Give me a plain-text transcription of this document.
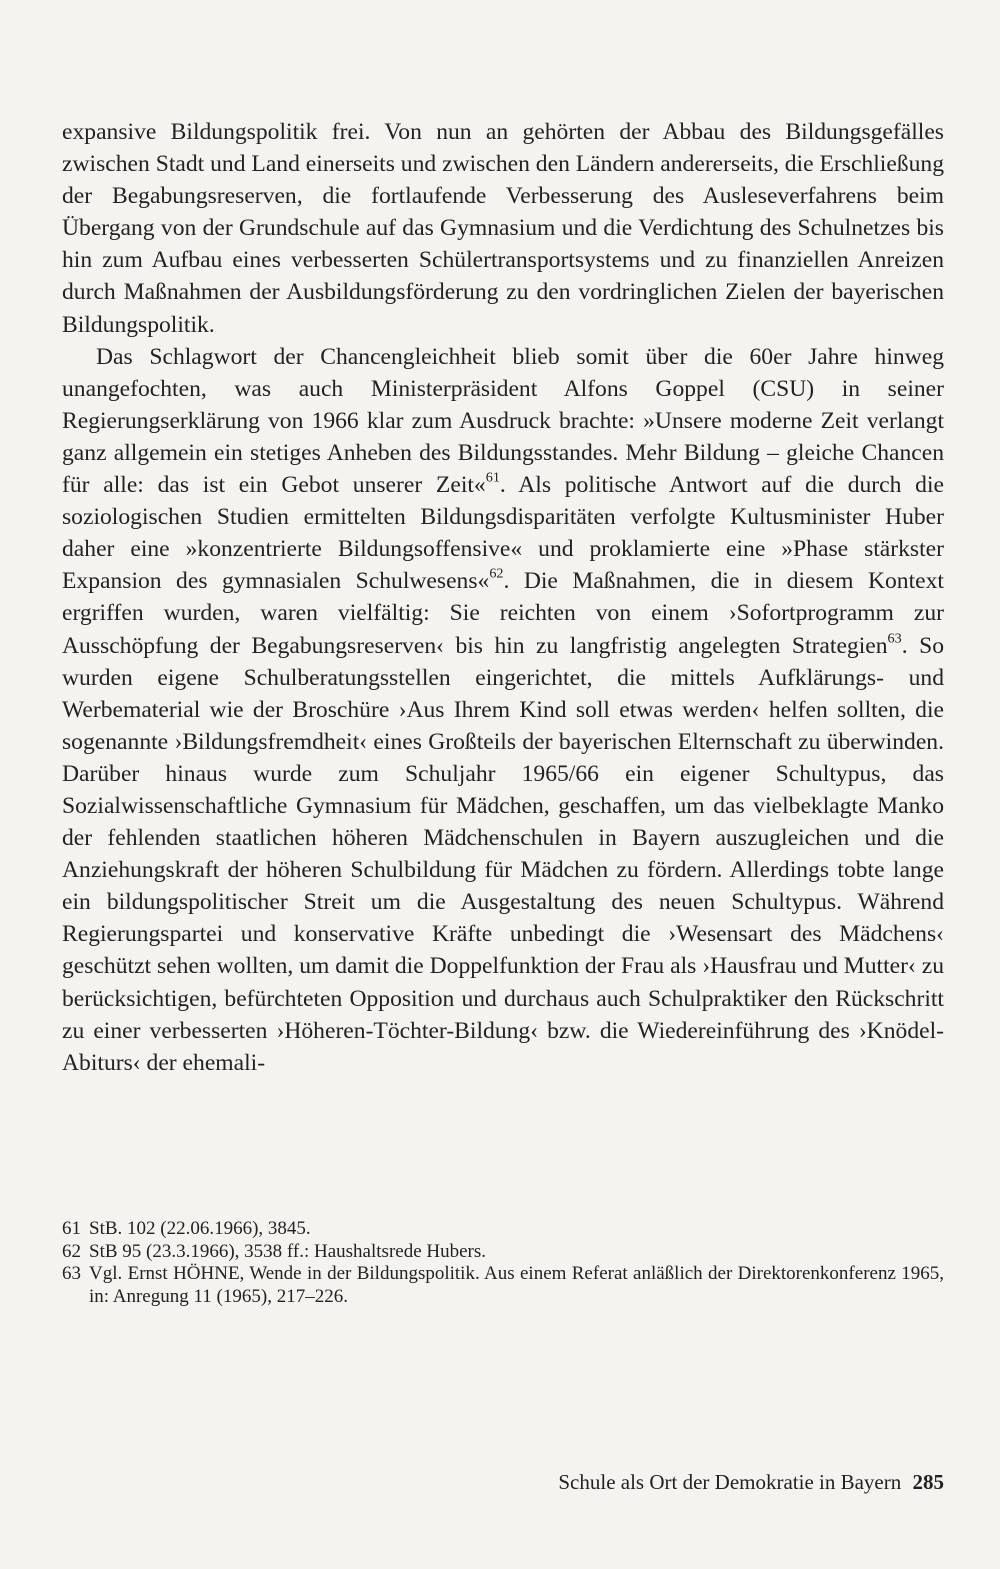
expansive Bildungspolitik frei. Von nun an gehörten der Abbau des Bildungsgefälles zwischen Stadt und Land einerseits und zwischen den Ländern andererseits, die Erschließung der Begabungsreserven, die fortlaufende Verbesserung des Ausleseverfahrens beim Übergang von der Grundschule auf das Gymnasium und die Verdichtung des Schulnetzes bis hin zum Aufbau eines verbesserten Schülertransportsystems und zu finanziellen Anreizen durch Maßnahmen der Ausbildungsförderung zu den vordringlichen Zielen der bayerischen Bildungspolitik.

Das Schlagwort der Chancengleichheit blieb somit über die 60er Jahre hinweg unangefochten, was auch Ministerpräsident Alfons Goppel (CSU) in seiner Regierungserklärung von 1966 klar zum Ausdruck brachte: »Unsere moderne Zeit verlangt ganz allgemein ein stetiges Anheben des Bildungsstandes. Mehr Bildung – gleiche Chancen für alle: das ist ein Gebot unserer Zeit«$^{61}$. Als politische Antwort auf die durch die soziologischen Studien ermittelten Bildungsdisparitäten verfolgte Kultusminister Huber daher eine »konzentrierte Bildungsoffensive« und proklamierte eine »Phase stärkster Expansion des gymnasialen Schulwesens«$^{62}$. Die Maßnahmen, die in diesem Kontext ergriffen wurden, waren vielfältig: Sie reichten von einem ›Sofortprogramm zur Ausschöpfung der Begabungsreserven‹ bis hin zu langfristig angelegten Strategien$^{63}$. So wurden eigene Schulberatungsstellen eingerichtet, die mittels Aufklärungs- und Werbematerial wie der Broschüre ›Aus Ihrem Kind soll etwas werden‹ helfen sollten, die sogenannte ›Bildungsfremdheit‹ eines Großteils der bayerischen Elternschaft zu überwinden. Darüber hinaus wurde zum Schuljahr 1965/66 ein eigener Schultypus, das Sozialwissenschaftliche Gymnasium für Mädchen, geschaffen, um das vielbeklagte Manko der fehlenden staatlichen höheren Mädchenschulen in Bayern auszugleichen und die Anziehungskraft der höheren Schulbildung für Mädchen zu fördern. Allerdings tobte lange ein bildungspolitischer Streit um die Ausgestaltung des neuen Schultypus. Während Regierungspartei und konservative Kräfte unbedingt die ›Wesensart des Mädchens‹ geschützt sehen wollten, um damit die Doppelfunktion der Frau als ›Hausfrau und Mutter‹ zu berücksichtigen, befürchteten Opposition und durchaus auch Schulpraktiker den Rückschritt zu einer verbesserten ›Höheren-Töchter-Bildung‹ bzw. die Wiedereinführung des ›Knödel-Abiturs‹ der ehemali-

61 StB. 102 (22.06.1966), 3845.
62 StB 95 (23.3.1966), 3538 ff.: Haushaltsrede Hubers.
63 Vgl. Ernst HÖHNE, Wende in der Bildungspolitik. Aus einem Referat anläßlich der Direktorenkonferenz 1965, in: Anregung 11 (1965), 217–226.
Schule als Ort der Demokratie in Bayern 285
